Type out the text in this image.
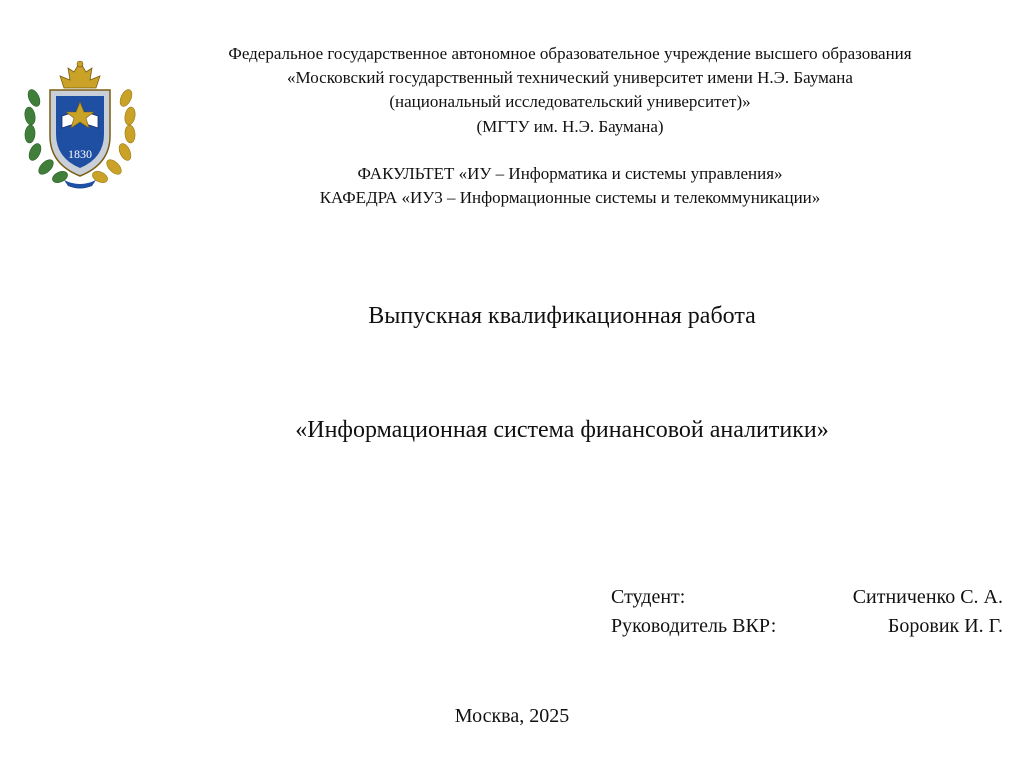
1830
Федеральное государственное автономное образовательное учреждение высшего образования
«Московский государственный технический университет имени Н.Э. Баумана
(национальный исследовательский университет)»
(МГТУ им. Н.Э. Баумана)
ФАКУЛЬТЕТ «ИУ – Информатика и системы управления»
КАФЕДРА «ИУ3 – Информационные системы и телекоммуникации»
Выпускная квалификационная работа
«Информационная система финансовой аналитики»
Студент:	Ситниченко С. А.
Руководитель ВКР:	Боровик И. Г.
Москва, 2025
